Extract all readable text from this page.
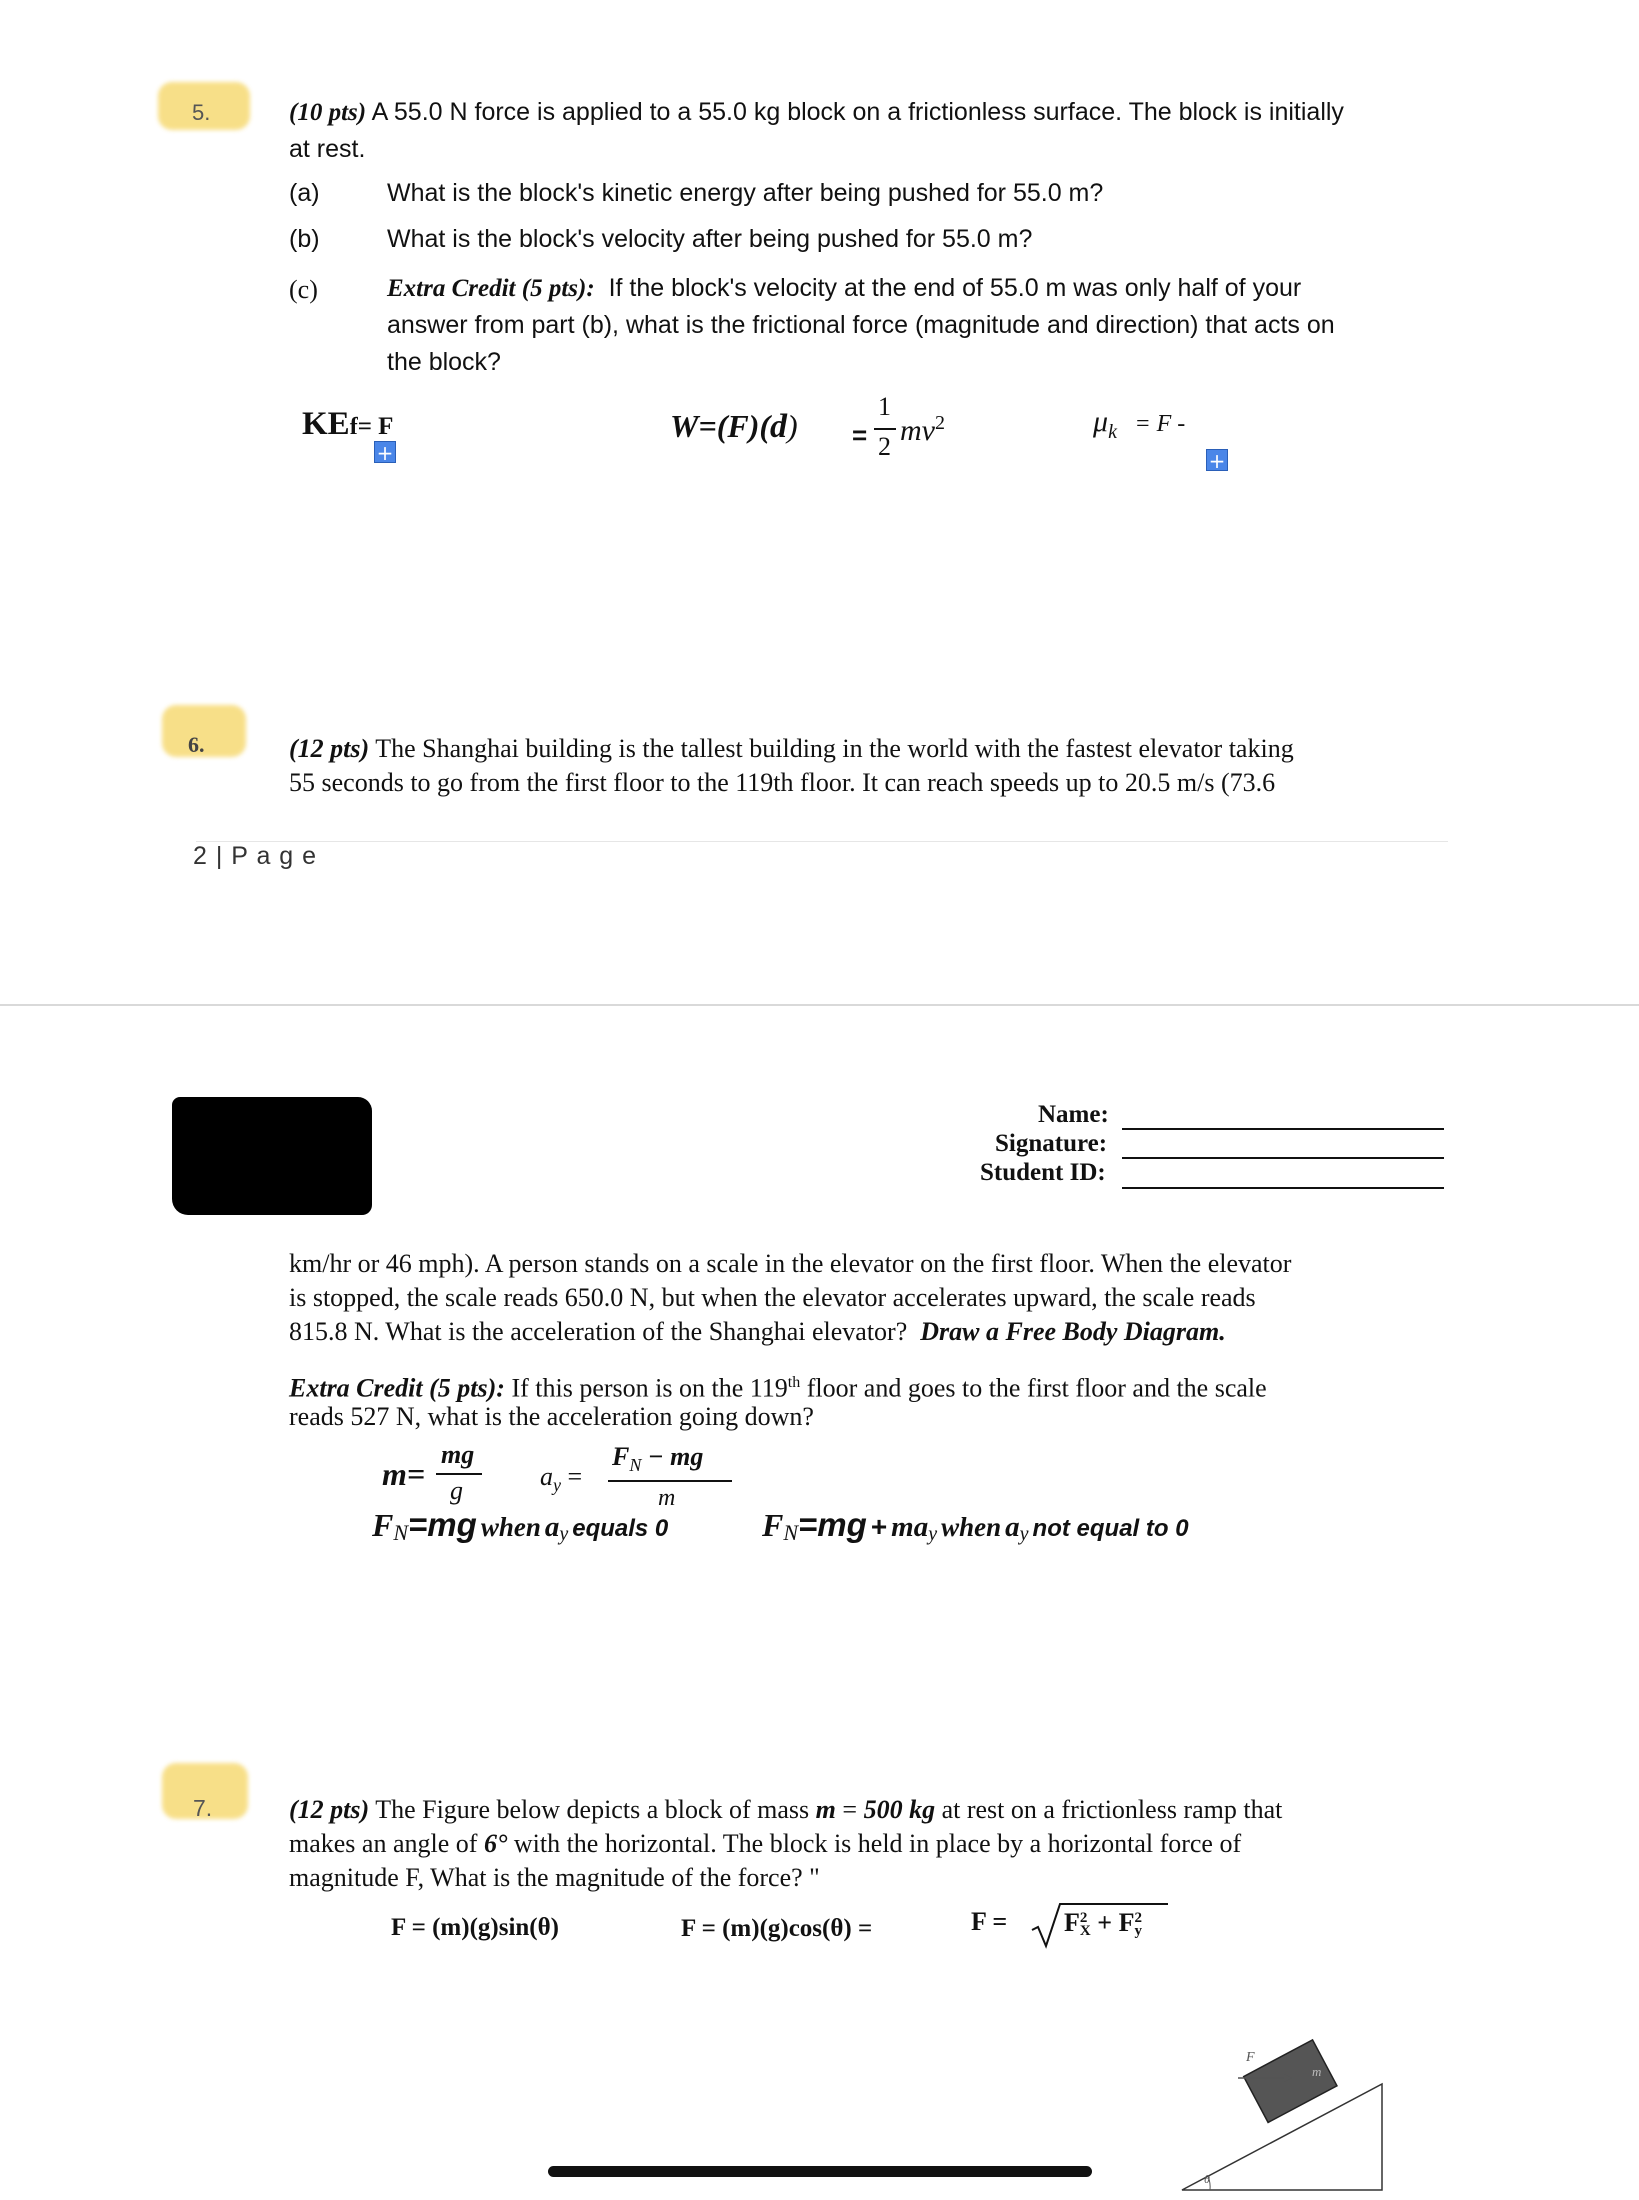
5.	(10 pts) A 55.0 N force is applied to a 55.0 kg block on a frictionless surface. The block is initially
at rest.
(a)	What is the block's kinetic energy after being pushed for 55.0 m?
(b)	What is the block's velocity after being pushed for 55.0 m?
(c)	Extra Credit (5 pts): If the block's velocity at the end of 55.0 m was only half of your
answer from part (b), what is the frictional force (magnitude and direction) that acts on
the block?
KEf= F
+
W=(F)(d) =
1
2 $mv^2$	$\mu_k = F$ -
+
6.	(12 pts) The Shanghai building is the tallest building in the world with the fastest elevator taking
55 seconds to go from the first floor to the 119th floor. It can reach speeds up to 20.5 m/s (73.6
2 | P a g e
Name:
Signature:
Student ID:
km/hr or 46 mph). A person stands on a scale in the elevator on the first floor. When the elevator
is stopped, the scale reads 650.0 N, but when the elevator accelerates upward, the scale reads
815.8 N. What is the acceleration of the Shanghai elevator? Draw a Free Body Diagram.
Extra Credit (5 pts): If this person is on the 119th floor and goes to the first floor and the scale
reads 527 N, what is the acceleration going down?
m=
mg
g	$a_y$ =
$F_N$ − mg
m
$F_N=mg$ when $a_y$ equals 0	$F_N=mg + ma_y$ when $a_y$ not equal to 0
7.	(12 pts) The Figure below depicts a block of mass m = 500 kg at rest on a frictionless ramp that
makes an angle of 6° with the horizontal. The block is held in place by a horizontal force of
magnitude F, What is the magnitude of the force? "
F = (m)(g)sin(θ)	F = (m)(g)cos(θ) =	F = F 2
X + F 2
y
F
m
θ
